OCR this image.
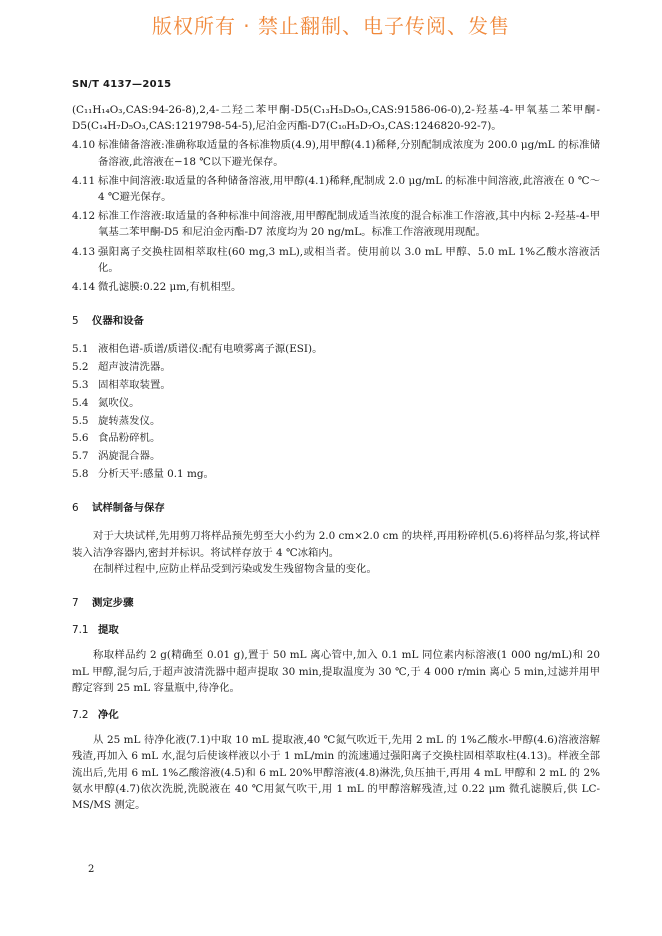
版权所有 · 禁止翻制、电子传阅、发售
SN/T 4137—2015

(C₁₁H₁₄O₃,CAS:94-26-8),2,4-二羟二苯甲酮-D5(C₁₃H₅D₅O₃,CAS:91586-06-0),2-羟基-4-甲氧基二苯甲酮-D5(C₁₄H₇D₅O₃,CAS:1219798-54-5),尼泊金丙酯-D7(C₁₀H₅D₇O₃,CAS:1246820-92-7)。

4.10 标准储备溶液:准确称取适量的各标准物质(4.9),用甲醇(4.1)稀释,分别配制成浓度为 200.0 μg/mL 的标准储备溶液,此溶液在−18 ℃以下避光保存。

4.11 标准中间溶液:取适量的各种储备溶液,用甲醇(4.1)稀释,配制成 2.0 μg/mL 的标准中间溶液,此溶液在 0 ℃～4 ℃避光保存。

4.12 标准工作溶液:取适量的各种标准中间溶液,用甲醇配制成适当浓度的混合标准工作溶液,其中内标 2-羟基-4-甲氧基二苯甲酮-D5 和尼泊金丙酯-D7 浓度均为 20 ng/mL。标准工作溶液现用现配。

4.13 强阳离子交换柱固相萃取柱(60 mg,3 mL),或相当者。使用前以 3.0 mL 甲醇、5.0 mL 1%乙酸水溶液活化。

4.14 微孔滤膜:0.22 μm,有机相型。

5 仪器和设备

5.1 液相色谱-质谱/质谱仪:配有电喷雾离子源(ESI)。

5.2 超声波清洗器。

5.3 固相萃取装置。

5.4 氮吹仪。

5.5 旋转蒸发仪。

5.6 食品粉碎机。

5.7 涡旋混合器。

5.8 分析天平:感量 0.1 mg。

6 试样制备与保存

对于大块试样,先用剪刀将样品预先剪至大小约为 2.0 cm×2.0 cm 的块样,再用粉碎机(5.6)将样品匀浆,将试样装入洁净容器内,密封并标识。将试样存放于 4 ℃冰箱内。

在制样过程中,应防止样品受到污染或发生残留物含量的变化。

7 测定步骤

7.1 提取

称取样品约 2 g(精确至 0.01 g),置于 50 mL 离心管中,加入 0.1 mL 同位素内标溶液(1 000 ng/mL)和 20 mL 甲醇,混匀后,于超声波清洗器中超声提取 30 min,提取温度为 30 ℃,于 4 000 r/min 离心 5 min,过滤并用甲醇定容到 25 mL 容量瓶中,待净化。

7.2 净化

从 25 mL 待净化液(7.1)中取 10 mL 提取液,40 ℃氮气吹近干,先用 2 mL 的 1%乙酸水-甲醇(4.6)溶液溶解残渣,再加入 6 mL 水,混匀后使该样液以小于 1 mL/min 的流速通过强阳离子交换柱固相萃取柱(4.13)。样液全部流出后,先用 6 mL 1%乙酸溶液(4.5)和 6 mL 20%甲醇溶液(4.8)淋洗,负压抽干,再用 4 mL 甲醇和 2 mL 的 2%氨水甲醇(4.7)依次洗脱,洗脱液在 40 ℃用氮气吹干,用 1 mL 的甲醇溶解残渣,过 0.22 μm 微孔滤膜后,供 LC-MS/MS 测定。

2
